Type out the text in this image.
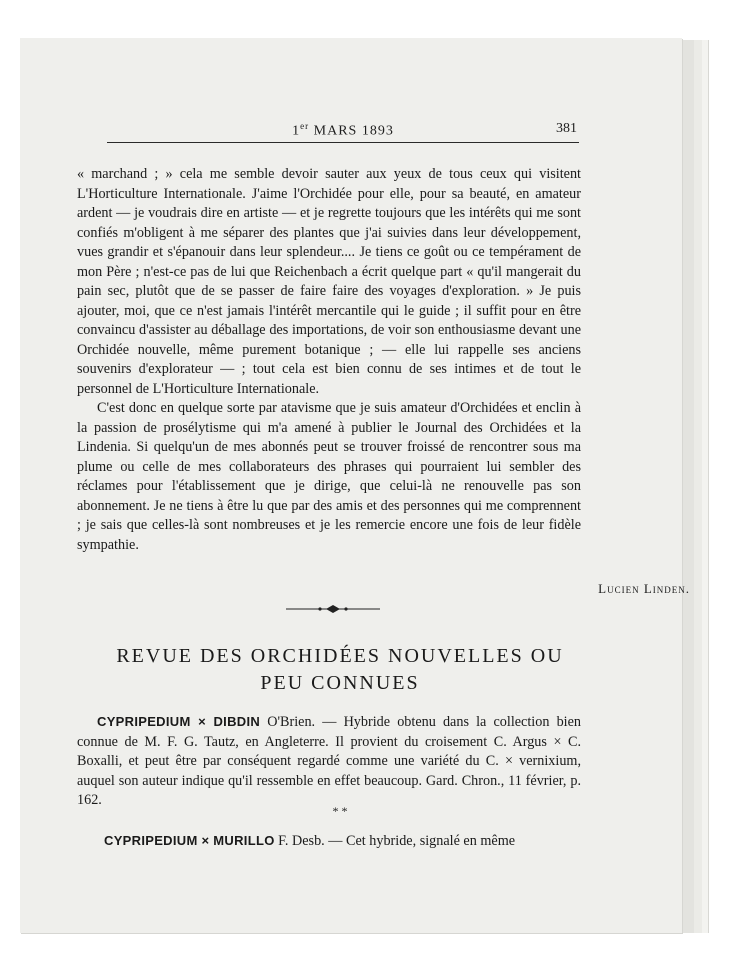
1er MARS 1893	381

« marchand ; » cela me semble devoir sauter aux yeux de tous ceux qui visitent L'Horticulture Internationale. J'aime l'Orchidée pour elle, pour sa beauté, en amateur ardent — je voudrais dire en artiste — et je regrette toujours que les intérêts qui me sont confiés m'obligent à me séparer des plantes que j'ai suivies dans leur développement, vues grandir et s'épanouir dans leur splendeur.... Je tiens ce goût ou ce tempérament de mon Père ; n'est-ce pas de lui que Reichenbach a écrit quelque part « qu'il mangerait du pain sec, plutôt que de se passer de faire faire des voyages d'exploration. » Je puis ajouter, moi, que ce n'est jamais l'intérêt mercantile qui le guide ; il suffit pour en être convaincu d'assister au déballage des importations, de voir son enthousiasme devant une Orchidée nouvelle, même purement botanique ; — elle lui rappelle ses anciens souvenirs d'explorateur — ; tout cela est bien connu de ses intimes et de tout le personnel de L'Horticulture Internationale.

C'est donc en quelque sorte par atavisme que je suis amateur d'Orchidées et enclin à la passion de prosélytisme qui m'a amené à publier le Journal des Orchidées et la Lindenia. Si quelqu'un de mes abonnés peut se trouver froissé de rencontrer sous ma plume ou celle de mes collaborateurs des phrases qui pourraient lui sembler des réclames pour l'établissement que je dirige, que celui-là ne renouvelle pas son abonnement. Je ne tiens à être lu que par des amis et des personnes qui me comprennent ; je sais que celles-là sont nombreuses et je les remercie encore une fois de leur fidèle sympathie.

Lucien Linden.
REVUE DES ORCHIDÉES NOUVELLES OU
PEU CONNUES

CYPRIPEDIUM × DIBDIN O'Brien. — Hybride obtenu dans la collection bien connue de M. F. G. Tautz, en Angleterre. Il provient du croisement C. Argus × C. Boxalli, et peut être par conséquent regardé comme une variété du C. × vernixium, auquel son auteur indique qu'il ressemble en effet beaucoup. Gard. Chron., 11 février, p. 162.

* *
CYPRIPEDIUM × MURILLO F. Desb. — Cet hybride, signalé en même
